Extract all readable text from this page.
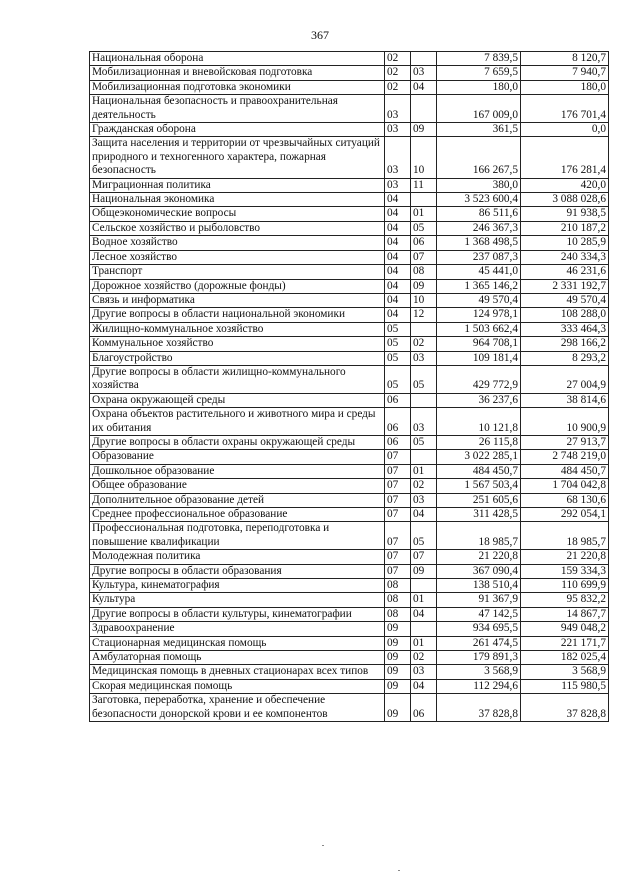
367
Национальная оборона	02		7 839,5	8 120,7
Мобилизационная и вневойсковая подготовка	02	03	7 659,5	7 940,7
Мобилизационная подготовка экономики	02	04	180,0	180,0
Национальная безопасность и правоохранительная деятельность	03		167 009,0	176 701,4
Гражданская оборона	03	09	361,5	0,0
Защита населения и территории от чрезвычайных ситуаций природного и техногенного характера, пожарная безопасность	03	10	166 267,5	176 281,4
Миграционная политика	03	11	380,0	420,0
Национальная экономика	04		3 523 600,4	3 088 028,6
Общеэкономические вопросы	04	01	86 511,6	91 938,5
Сельское хозяйство и рыболовство	04	05	246 367,3	210 187,2
Водное хозяйство	04	06	1 368 498,5	10 285,9
Лесное хозяйство	04	07	237 087,3	240 334,3
Транспорт	04	08	45 441,0	46 231,6
Дорожное хозяйство (дорожные фонды)	04	09	1 365 146,2	2 331 192,7
Связь и информатика	04	10	49 570,4	49 570,4
Другие вопросы в области национальной экономики	04	12	124 978,1	108 288,0
Жилищно-коммунальное хозяйство	05		1 503 662,4	333 464,3
Коммунальное хозяйство	05	02	964 708,1	298 166,2
Благоустройство	05	03	109 181,4	8 293,2
Другие вопросы в области жилищно-коммунального хозяйства	05	05	429 772,9	27 004,9
Охрана окружающей среды	06		36 237,6	38 814,6
Охрана объектов растительного и животного мира и среды их обитания	06	03	10 121,8	10 900,9
Другие вопросы в области охраны окружающей среды	06	05	26 115,8	27 913,7
Образование	07		3 022 285,1	2 748 219,0
Дошкольное образование	07	01	484 450,7	484 450,7
Общее образование	07	02	1 567 503,4	1 704 042,8
Дополнительное образование детей	07	03	251 605,6	68 130,6
Среднее профессиональное образование	07	04	311 428,5	292 054,1
Профессиональная подготовка, переподготовка и повышение квалификации	07	05	18 985,7	18 985,7
Молодежная политика	07	07	21 220,8	21 220,8
Другие вопросы в области образования	07	09	367 090,4	159 334,3
Культура, кинематография	08		138 510,4	110 699,9
Культура	08	01	91 367,9	95 832,2
Другие вопросы в области культуры, кинематографии	08	04	47 142,5	14 867,7
Здравоохранение	09		934 695,5	949 048,2
Стационарная медицинская помощь	09	01	261 474,5	221 171,7
Амбулаторная помощь	09	02	179 891,3	182 025,4
Медицинская помощь в дневных стационарах всех типов	09	03	3 568,9	3 568,9
Скорая медицинская помощь	09	04	112 294,6	115 980,5
Заготовка, переработка, хранение и обеспечение безопасности донорской крови и ее компонентов	09	06	37 828,8	37 828,8
